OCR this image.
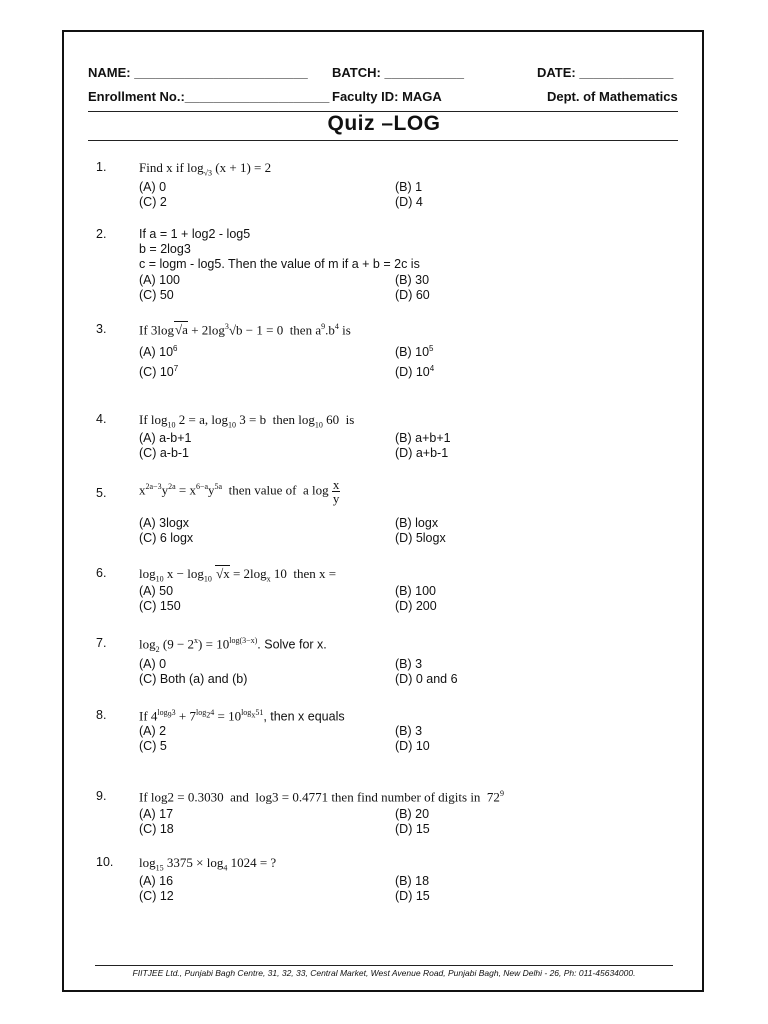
NAME: ________________________ BATCH: ___________	DATE: _____________
Enrollment No.:____________________ Faculty ID: MAGA	Dept. of Mathematics
Quiz –LOG
1.	Find x if $\log_{√3} (x + 1) = 2$
(A) 0	(B) 1
(C) 2	(D) 4
2.	If a = 1 + log2 - log5
b = 2log3
c = logm - log5. Then the value of m if a + b = 2c is
(A) 100	(B) 30
(C) 50	(D) 60
3.	If $3\log√a + 2\log^3√b - 1 = 0$  then $a^9.b^4$ is
(A) $10^6$	(B) $10^5$
(C) $10^7$	(D) $10^4$
4.	If $\log_{10} 2 = a$, $\log_{10} 3 = b$  then $\log_{10} 60$  is
(A) a-b+1	(B) a+b+1
(C) a-b-1	(D) a+b-1
5.	$x^{2a-3}y^{2a} = x^{6-a}y^{5a}$  then value of  a $\log \frac{x}{y}$
(A) 3logx	(B) logx
(C) 6 logx	(D) 5logx
6.	$\log_{10} x - \log_{10} √x = 2\log_x$ 10  then x =
(A) 50	(B) 100
(C) 150	(D) 200
7.	$\log_2 (9 - 2^x) = 10^{log(3-x)}$. Solve for x.
(A) 0	(B) 3
(C) Both (a) and (b)	(D) 0 and 6
8.	If $4^{log_93} + 7^{log_24} = 10^{log_x51}$, then x equals
(A) 2	(B) 3
(C) 5	(D) 10
9.	If log2 = 0.3030  and  log3 = 0.4771 then find number of digits in  $72^9$
(A) 17	(B) 20
(C) 18	(D) 15
10. $\log_{15} 3375 \times \log_4 1024$ = ?
(A) 16	(B) 18
(C) 12	(D) 15
FIITJEE Ltd., Punjabi Bagh Centre, 31, 32, 33, Central Market, West Avenue Road, Punjabi Bagh, New Delhi - 26, Ph: 011-45634000.
